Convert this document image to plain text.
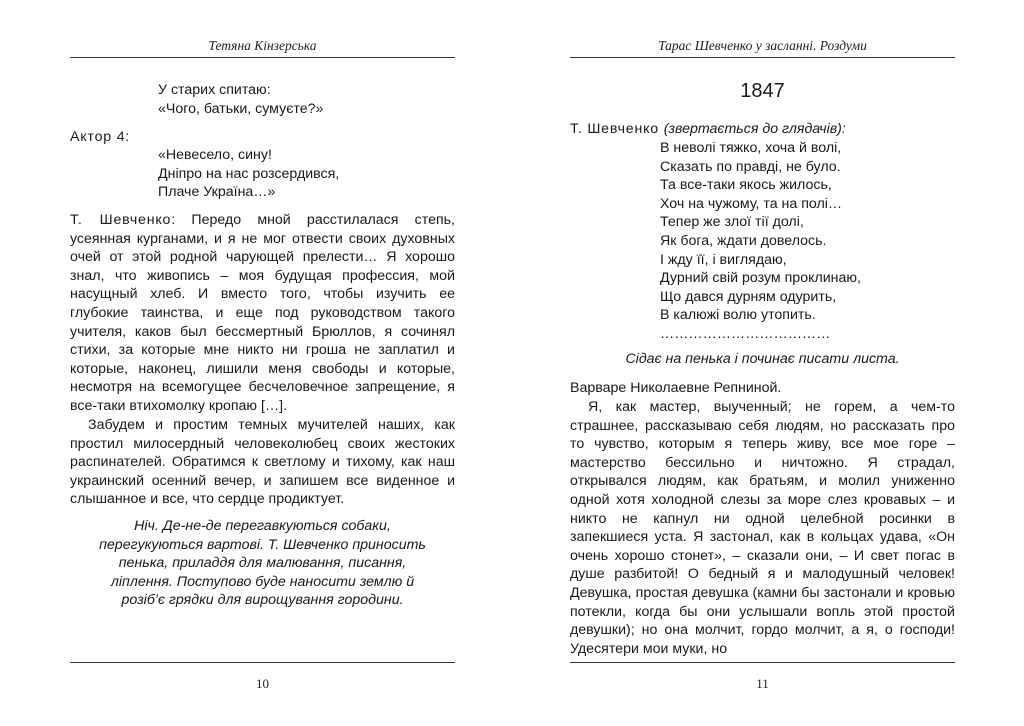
Тетяна Кінзерська
У старих спитаю:
«Чого, батьки, сумуєте?»
Актор 4:
«Невесело, сину!
Дніпро на нас розсердився,
Плаче Україна…»
Т. Шевченко: Передо мной расстилалася степь, усеянная курганами, и я не мог отвести своих духовных очей от этой родной чарующей прелести… Я хорошо знал, что живопись – моя будущая профессия, мой насущный хлеб. И вместо того, чтобы изучить ее глубокие таинства, и еще под руководством такого учителя, каков был бессмертный Брюллов, я сочинял стихи, за которые мне никто ни гроша не заплатил и которые, наконец, лишили меня свободы и которые, несмотря на всемогущее бесчеловечное запрещение, я все-таки втихомолку кропаю […].
Забудем и простим темных мучителей наших, как простил милосердный человеколюбец своих жестоких распинателей. Обратимся к светлому и тихому, как наш украинский осенний вечер, и запишем все виденное и слышанное и все, что сердце продиктует.
Ніч. Де-не-де перегавкуються собаки, перегукуються вартові. Т. Шевченко приносить пенька, приладдя для малювання, писання, ліплення. Поступово буде наносити землю й розіб’є грядки для вирощування городини.
10
Тарас Шевченко у засланні. Роздуми
1847
Т. Шевченко (звертається до глядачів):
В неволі тяжко, хоча й волі,
Сказать по правді, не було.
Та все-таки якось жилось,
Хоч на чужому, та на полі…
Тепер же злої тії долі,
Як бога, ждати довелось.
І жду її, і виглядаю,
Дурний свій розум проклинаю,
Що дався дурням одурить,
В калюжі волю утопить.
………………………………
Сідає на пенька і починає писати листа.
Варваре Николаевне Репниной.
Я, как мастер, выученный; не горем, а чем-то страшнее, рассказываю себя людям, но рассказать про то чувство, которым я теперь живу, все мое горе – мастерство бессильно и ничтожно. Я страдал, открывался людям, как братьям, и молил униженно одной хотя холодной слезы за море слез кровавых – и никто не капнул ни одной целебной росинки в запекшиеся уста. Я застонал, как в кольцах удава, «Он очень хорошо стонет», – сказали они, – И свет погас в душе разбитой! О бедный я и малодушный человек! Девушка, простая девушка (камни бы застонали и кровью потекли, когда бы они услышали вопль этой простой девушки); но она молчит, гордо молчит, а я, о господи! Удесятери мои муки, но
11
